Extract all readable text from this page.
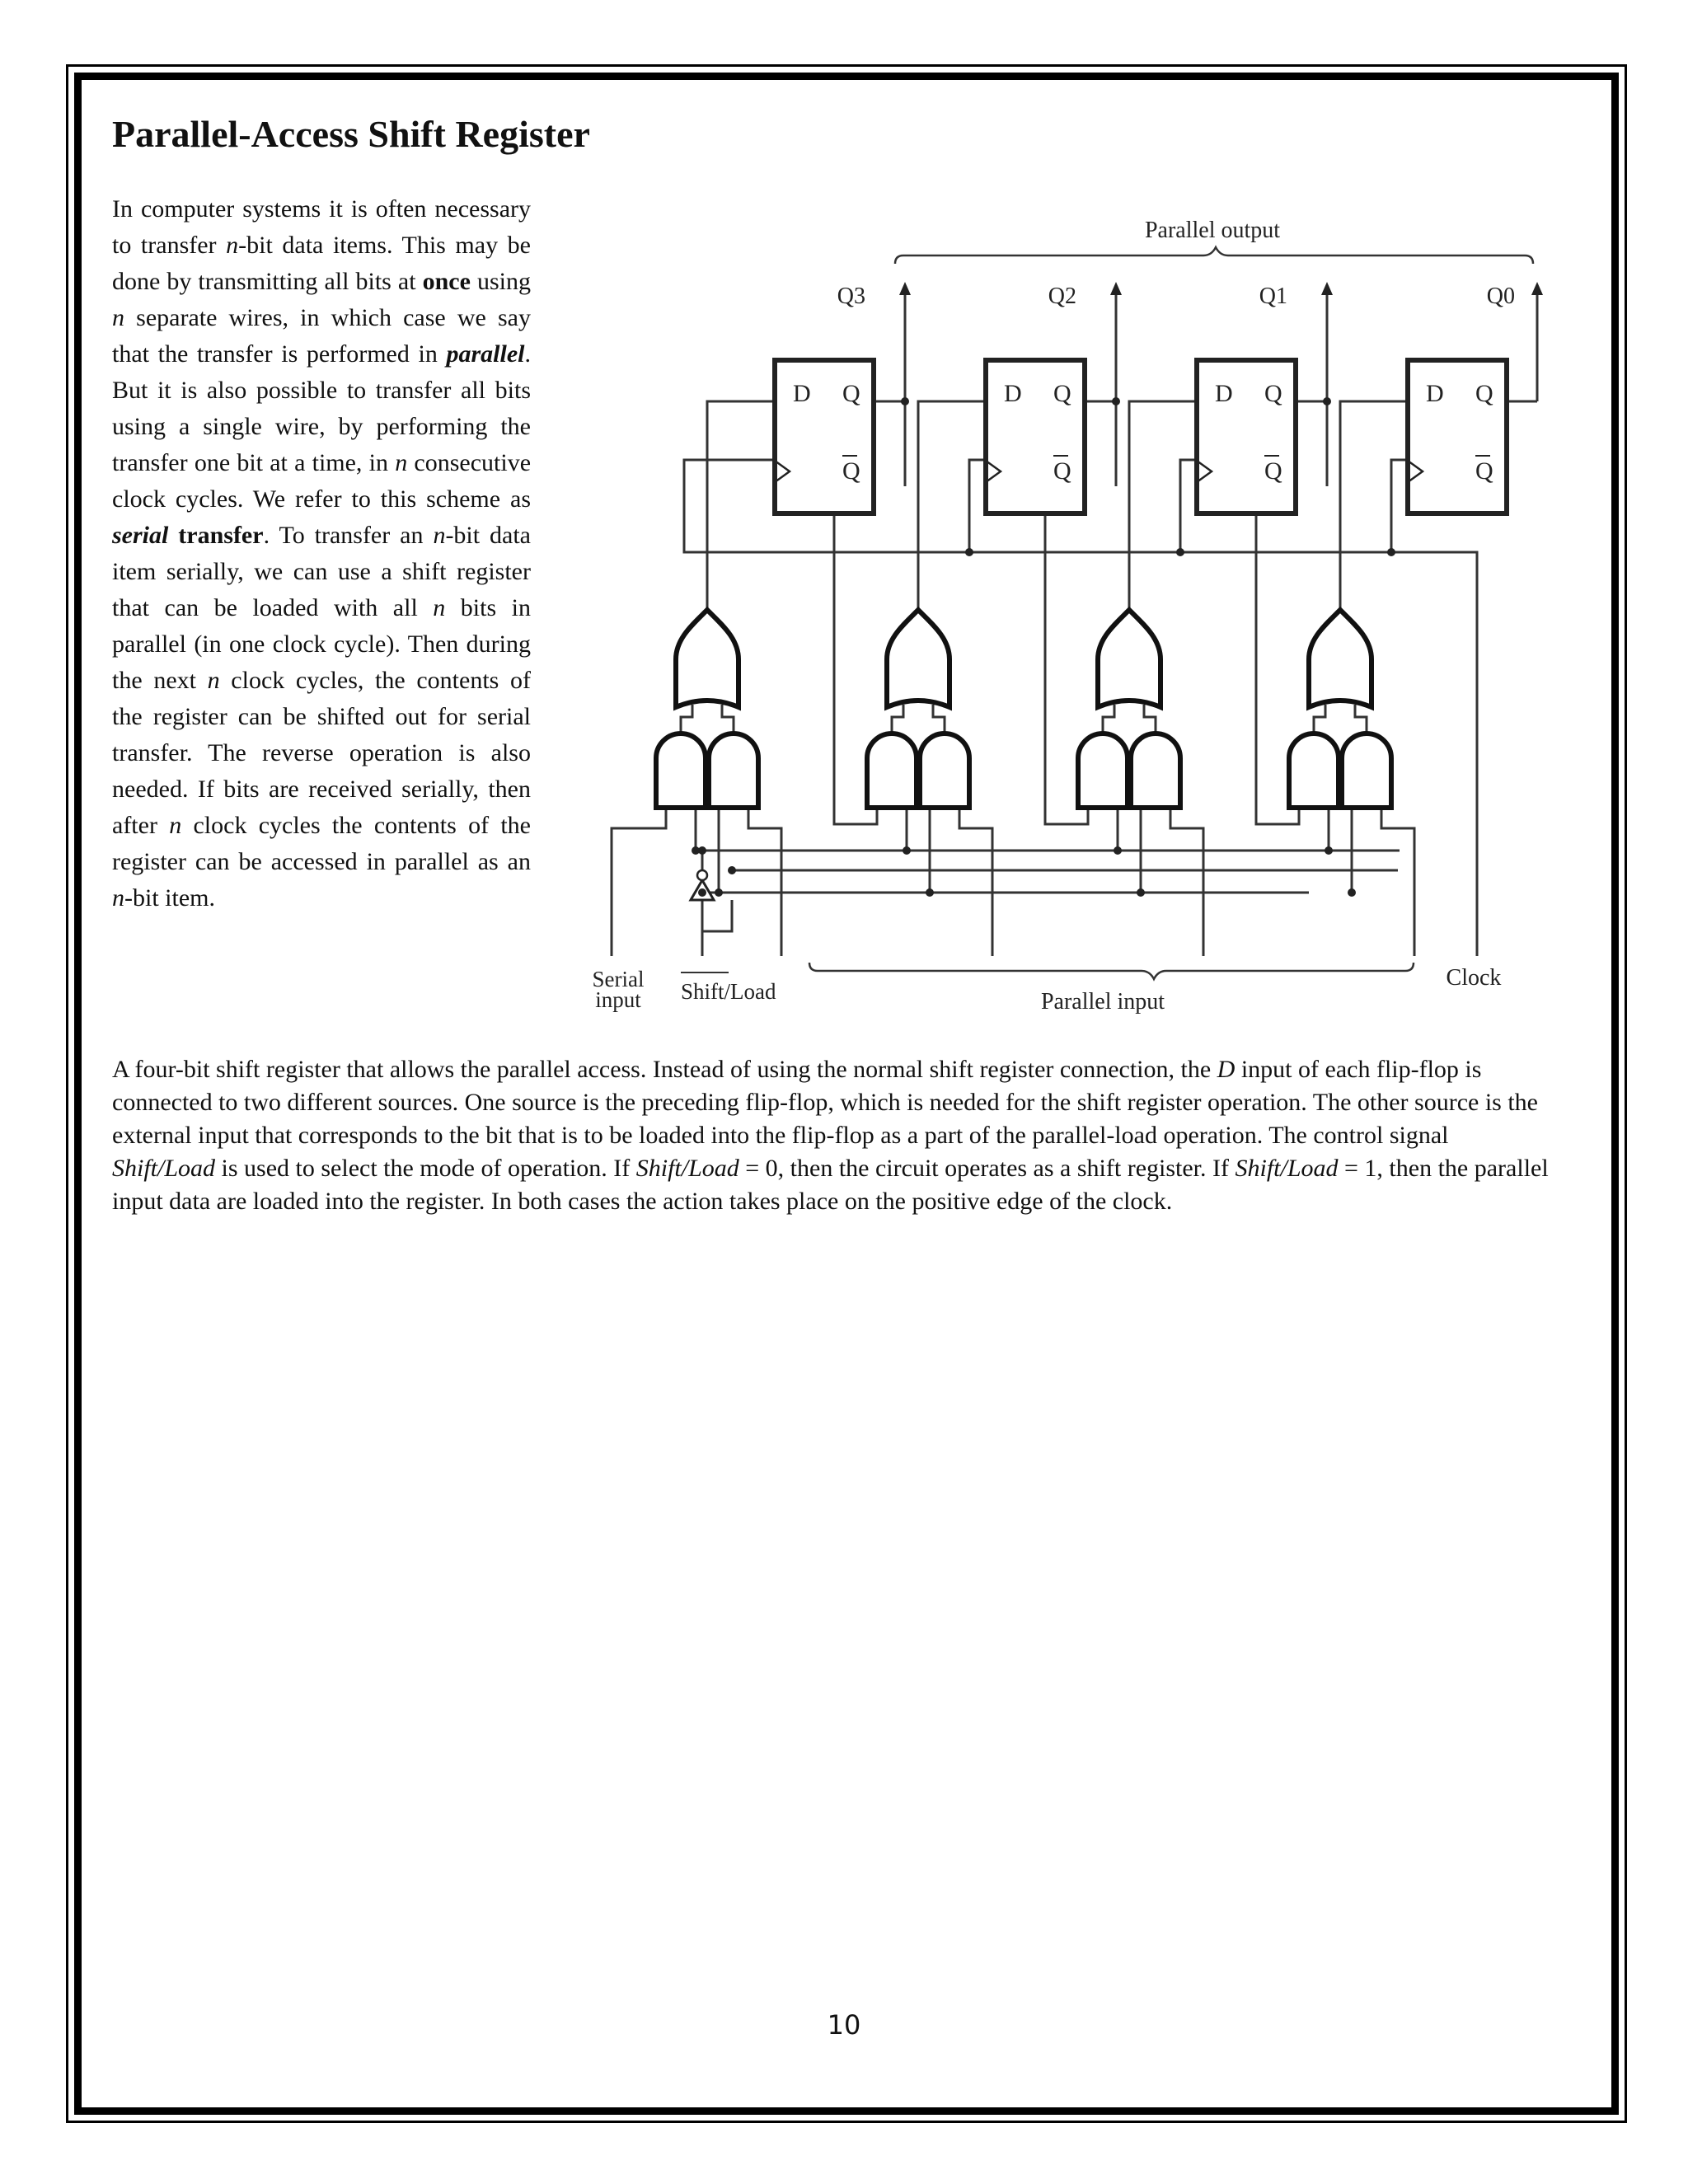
Parallel-Access Shift Register

In computer systems it is often necessary to transfer n-bit data items. This may be done by transmitting all bits at once using n separate wires, in which case we say that the transfer is performed in parallel. But it is also possible to transfer all bits using a single wire, by performing the transfer one bit at a time, in n consecutive clock cycles. We refer to this scheme as serial transfer. To transfer an n-bit data item serially, we can use a shift register that can be loaded with all n bits in parallel (in one clock cycle). Then during the next n clock cycles, the contents of the register can be shifted out for serial transfer. The reverse operation is also needed. If bits are received serially, then after n clock cycles the contents of the register can be accessed in parallel as an n-bit item.

D Q
Q
D Q
Q
D Q
Q
D Q
Q
Parallel output
Q3	Q2	Q1	Q0
Serial
input Shift/Load	Parallel input
Clock

A four-bit shift register that allows the parallel access. Instead of using the normal shift register connection, the D input of each flip-flop is connected to two different sources. One source is the preceding flip-flop, which is needed for the shift register operation. The other source is the external input that corresponds to the bit that is to be loaded into the flip-flop as a part of the parallel-load operation. The control signal Shift/Load is used to select the mode of operation. If Shift/Load = 0, then the circuit operates as a shift register. If Shift/Load = 1, then the parallel input data are loaded into the register. In both cases the action takes place on the positive edge of the clock.

10
